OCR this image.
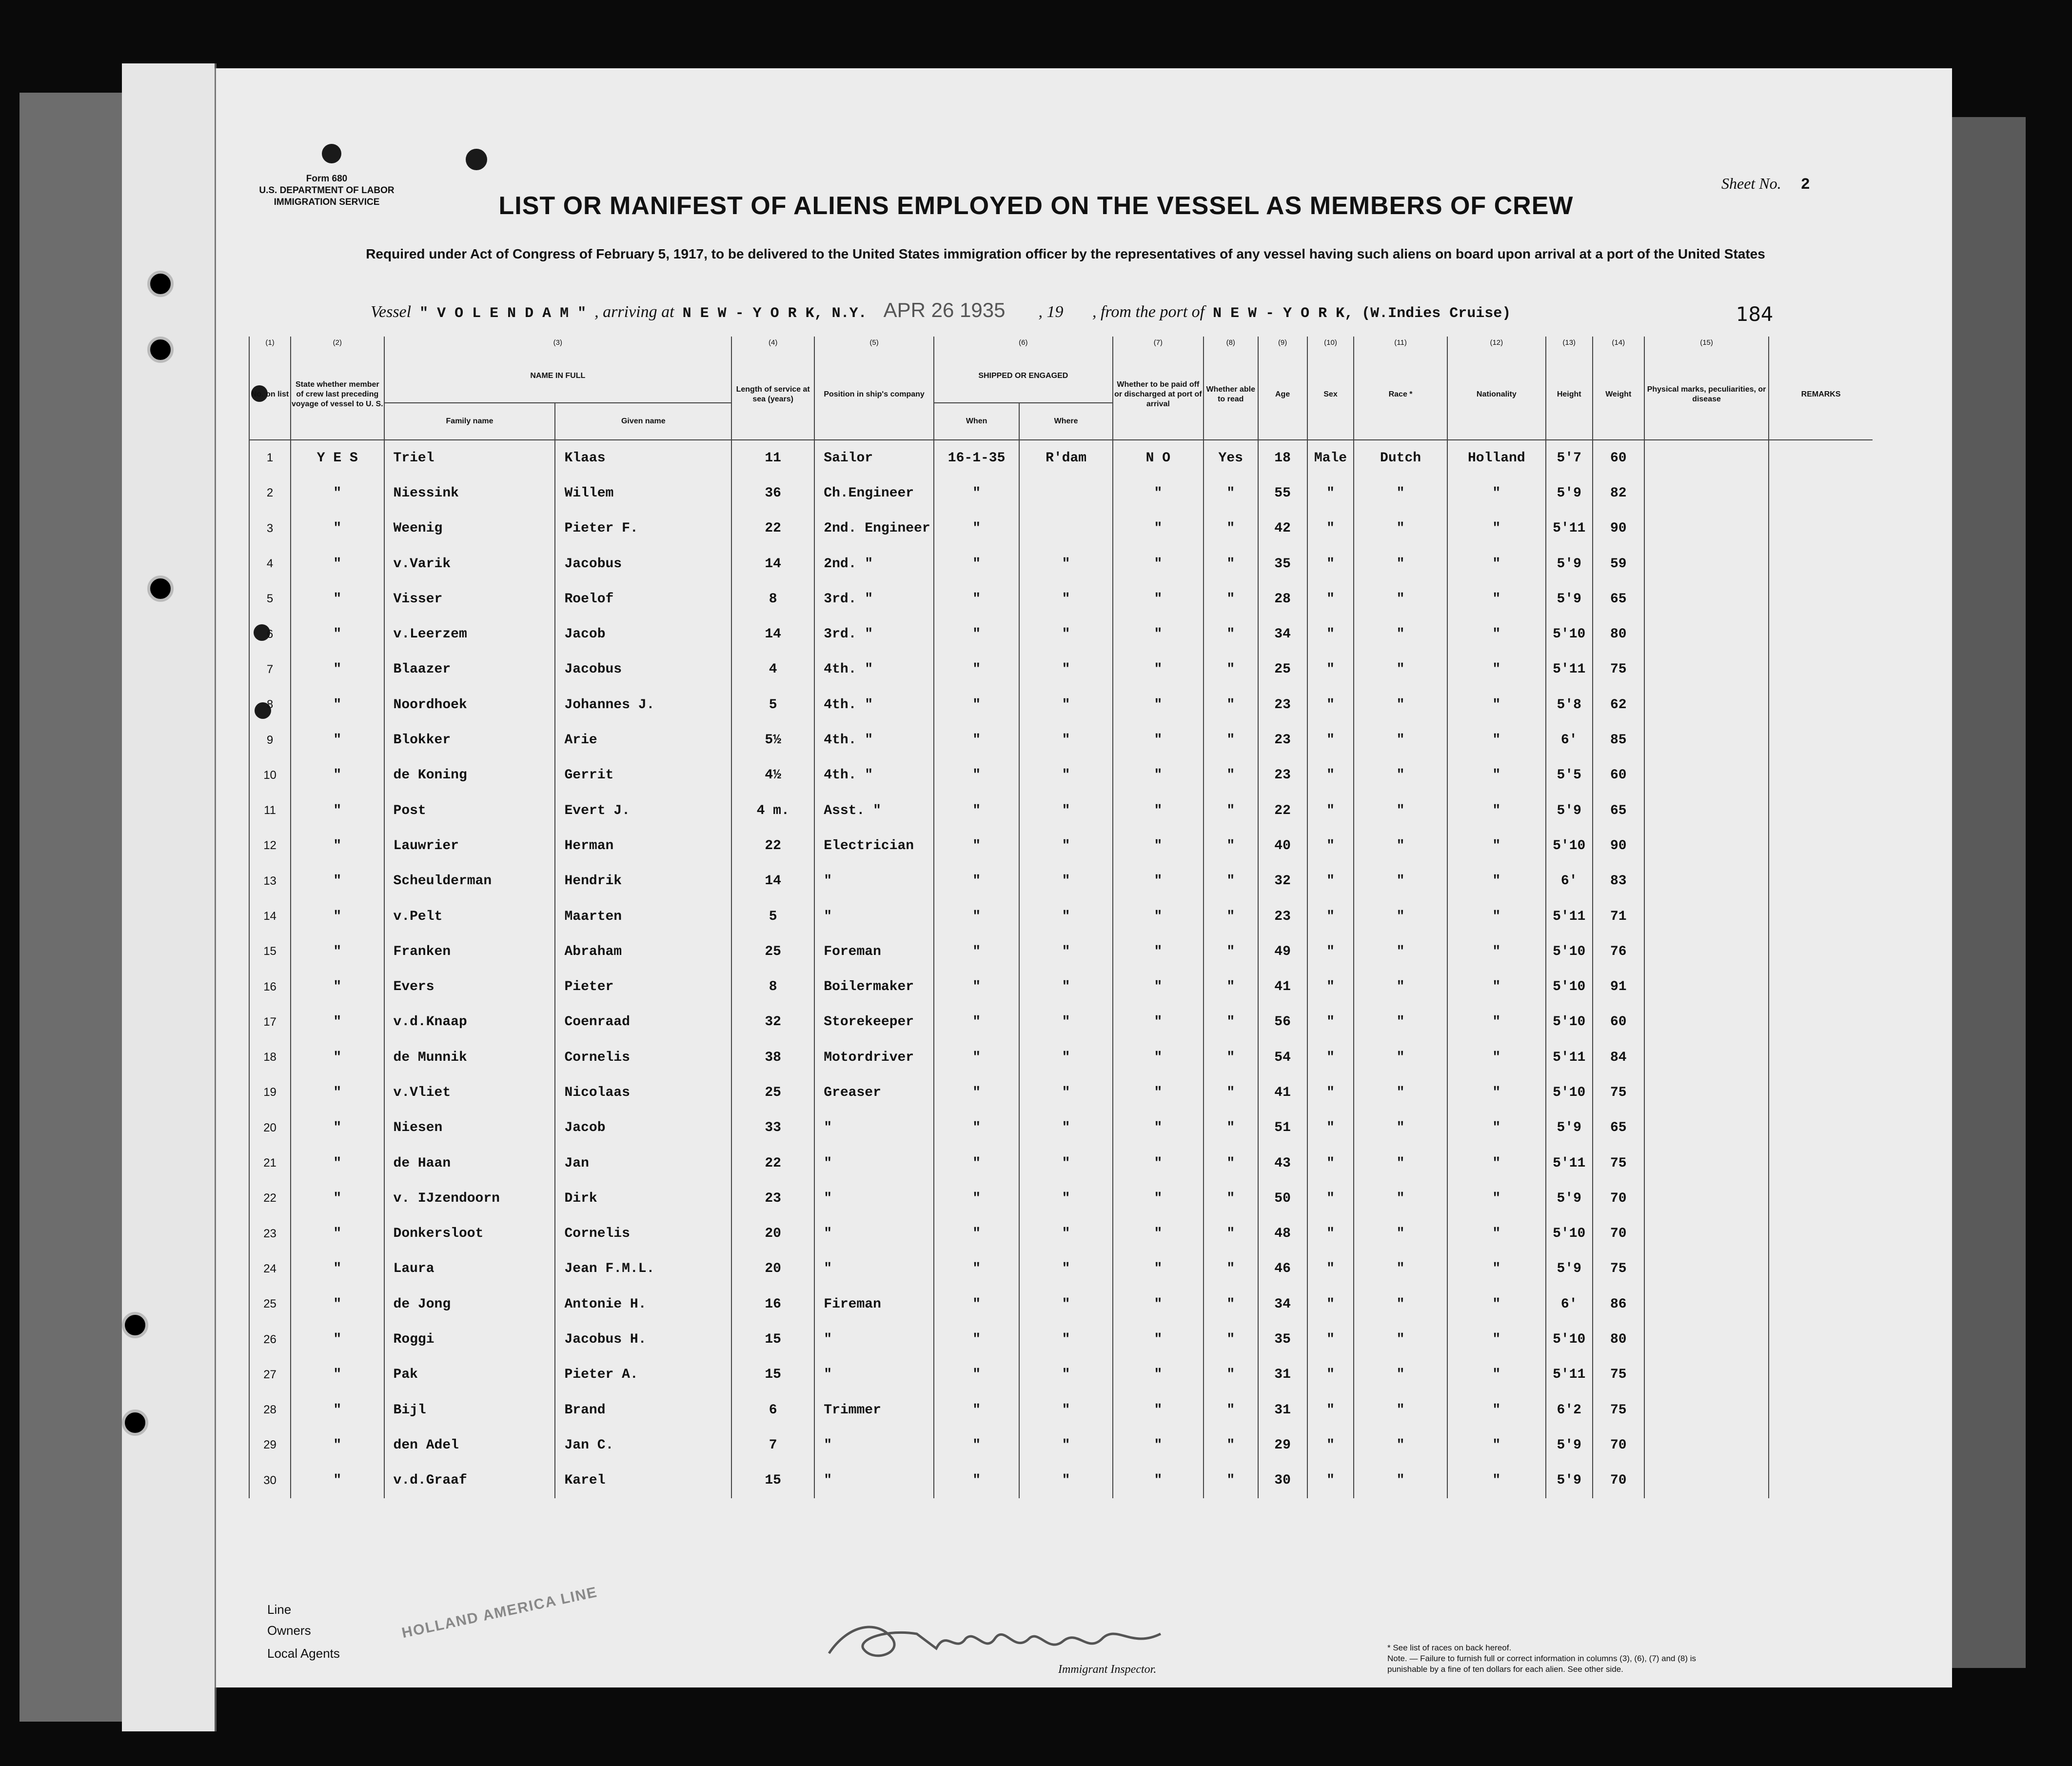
Form 680
U.S. DEPARTMENT OF LABOR
IMMIGRATION SERVICE
Sheet No. 2
LIST OR MANIFEST OF ALIENS EMPLOYED ON THE VESSEL AS MEMBERS OF CREW
Required under Act of Congress of February 5, 1917, to be delivered to the United States immigration officer by the representatives of any vessel having such aliens on board upon arrival at a port of the United States
Vessel " V O L E N D A M " , arriving at N E W - Y O R K, N.Y. APR 26 1935 , 19 , from the port of N E W - Y O R K, (W.Indies Cruise)	184
(1)	(2)	(3)		(4)	(5)	(6)		(7)	(8)	(9)	(10)	(11)	(12)	(13)	(14)	(15)	
No. on list	State whether member of crew last preceding voyage of vessel to U. S.	NAME IN FULL		Length of service at sea (years)	Position in ship's company	SHIPPED OR ENGAGED		Whether to be paid off or discharged at port of arrival	Whether able to read	Age	Sex	Race *	Nationality	Height	Weight	Physical marks, peculiarities, or disease	REMARKS
		Family name	Given name			When	Where										
1	Y E S	Triel	Klaas	11	Sailor	16-1-35	R'dam	N O	Yes	18	Male	Dutch	Holland	5'7	60		
2	"	Niessink	Willem	36	Ch.Engineer	"		"	"	55	"	"	"	5'9	82		
3	"	Weenig	Pieter F.	22	2nd. Engineer	"		"	"	42	"	"	"	5'11	90		
4	"	v.Varik	Jacobus	14	2nd. "	"	"	"	"	35	"	"	"	5'9	59		
5	"	Visser	Roelof	8	3rd. "	"	"	"	"	28	"	"	"	5'9	65		
6	"	v.Leerzem	Jacob	14	3rd. "	"	"	"	"	34	"	"	"	5'10	80		
7	"	Blaazer	Jacobus	4	4th. "	"	"	"	"	25	"	"	"	5'11	75		
8	"	Noordhoek	Johannes J.	5	4th. "	"	"	"	"	23	"	"	"	5'8	62		
9	"	Blokker	Arie	5½	4th. "	"	"	"	"	23	"	"	"	6'	85		
10	"	de Koning	Gerrit	4½	4th. "	"	"	"	"	23	"	"	"	5'5	60		
11	"	Post	Evert J.	4 m.	Asst. "	"	"	"	"	22	"	"	"	5'9	65		
12	"	Lauwrier	Herman	22	Electrician	"	"	"	"	40	"	"	"	5'10	90		
13	"	Scheulderman	Hendrik	14	"	"	"	"	"	32	"	"	"	6'	83		
14	"	v.Pelt	Maarten	5	"	"	"	"	"	23	"	"	"	5'11	71		
15	"	Franken	Abraham	25	Foreman	"	"	"	"	49	"	"	"	5'10	76		
16	"	Evers	Pieter	8	Boilermaker	"	"	"	"	41	"	"	"	5'10	91		
17	"	v.d.Knaap	Coenraad	32	Storekeeper	"	"	"	"	56	"	"	"	5'10	60		
18	"	de Munnik	Cornelis	38	Motordriver	"	"	"	"	54	"	"	"	5'11	84		
19	"	v.Vliet	Nicolaas	25	Greaser	"	"	"	"	41	"	"	"	5'10	75		
20	"	Niesen	Jacob	33	"	"	"	"	"	51	"	"	"	5'9	65		
21	"	de Haan	Jan	22	"	"	"	"	"	43	"	"	"	5'11	75		
22	"	v. IJzendoorn	Dirk	23	"	"	"	"	"	50	"	"	"	5'9	70		
23	"	Donkersloot	Cornelis	20	"	"	"	"	"	48	"	"	"	5'10	70		
24	"	Laura	Jean F.M.L.	20	"	"	"	"	"	46	"	"	"	5'9	75		
25	"	de Jong	Antonie H.	16	Fireman	"	"	"	"	34	"	"	"	6'	86		
26	"	Roggi	Jacobus H.	15	"	"	"	"	"	35	"	"	"	5'10	80		
27	"	Pak	Pieter A.	15	"	"	"	"	"	31	"	"	"	5'11	75		
28	"	Bijl	Brand	6	Trimmer	"	"	"	"	31	"	"	"	6'2	75		
29	"	den Adel	Jan C.	7	"	"	"	"	"	29	"	"	"	5'9	70		
30	"	v.d.Graaf	Karel	15	"	"	"	"	"	30	"	"	"	5'9	70		
Line
Owners
Local Agents
HOLLAND AMERICA LINE
Immigrant Inspector.
* See list of races on back hereof.
Note. — Failure to furnish full or correct information in columns (3), (6), (7) and (8) is punishable by a fine of ten dollars for each alien. See other side.
